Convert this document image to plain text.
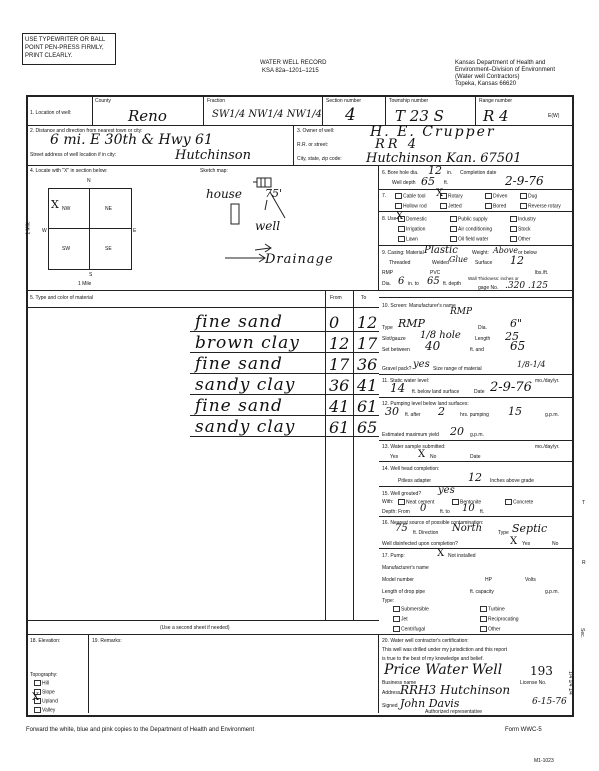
USE TYPEWRITER OR BALL POINT PEN-PRESS FIRMLY, PRINT CLEARLY.
WATER WELL RECORD
KSA 82a–1201–1215
Kansas Department of Health and
Environment–Division of Environment
(Water well Contractors)
Topeka, Kansas 66620
1. Location of well:
County
Reno
Fraction
SW1/4 NW1/4 NW1/4
Section number
4
Township number
T 23 S
Range number
R 4	E(W)
2. Distance and direction from nearest town or city:
6 mi. E 30th & Hwy 61
Street address of well location if in city:	Hutchinson
3. Owner of well:	H. E. Crupper
R.R. or street:	RR 4
City, state, zip code: Hutchinson Kan. 67501
4. Locate with "X" in section below:	Sketch map:
N
S
W	E
NW	NE
SW	SE
X
1 Mile
1 Mile
house 75'
well
Drainage
6. Bore hole dia. 12 in. Completion date
Well depth 65 ft.	2-9-76
7.	Cable tool	Rotary	Driven	Dug
Hollow rod	Jetted	Bored	Reverse rotary
X
8. Use:	Domestic	Public supply	Industry
Irrigation	Air conditioning	Stock
Lawn	Oil field water	Other
X
9. Casing: Material Plastic	Weight: Above or below
Threaded	Welded Glue Surface 12
RMP	PVC	lbs./ft.
Dia. 6 in. to 65 ft. depth
Wall Thickness: inches or
gage No. .320 .125
5. Type and color of material	From	To
fine sand	0 12
brown clay 12 17
fine sand	17 36
sandy clay 36 41
fine sand	41 61
sandy clay 61 65
(Use a second sheet if needed)
10. Screen: Manufacturer's name
RMP
Type RMP	Dia. 6"
Slot/gauze 1/8 hole	Length 25
Set between 40	ft. and 65
Gravel pack? yes Size range of material	1/8-1/4
11. Static water level:	mo./day/yr.
14 ft. below land surface	Date 2-9-76
12. Pumping level below land surfaces:
30 ft. after 2	hrs. pumping 15	g.p.m.
Estimated maximum yield 20 g.p.m.
13. Water sample submitted:	mo./day/yr.
Yes X No	Date
14. Well head completion:
Pitless adapter	12 Inches above grade
15. Well grouted? yes
With:	Neat cement	Bentonite	Concrete
Depth: From 0	ft. to 10 ft.
16. Nearest source of possible contamination:
75 ft. Direction North	Type Septic
Well disinfected upon completion?	X Yes	No
17. Pump:	X Not installed
Manufacturer's name
Model number	HP	Volts
Length of drop pipe	ft. capacity	g.p.m.
Type:
Submersible	Turbine
Jet	Reciprocating
Centrifugal	Other
18. Elevation:
Topography:
Hill
Slope
Upland
Valley
X
19. Remarks:	20. Water well contractor's certification:
This well was drilled under my jurisdiction and this report
is true to the best of my knowledge and belief.
Price Water Well 193
Business name	License No.
Address RRH3 Hutchinson
Signed John Davis	6-15-76
Authorized representative
T
R
Sec.
1/4 1/4 1/4
Forward the white, blue and pink copies to the Department of Health and Environment	Form WWC-5
M1-1023
